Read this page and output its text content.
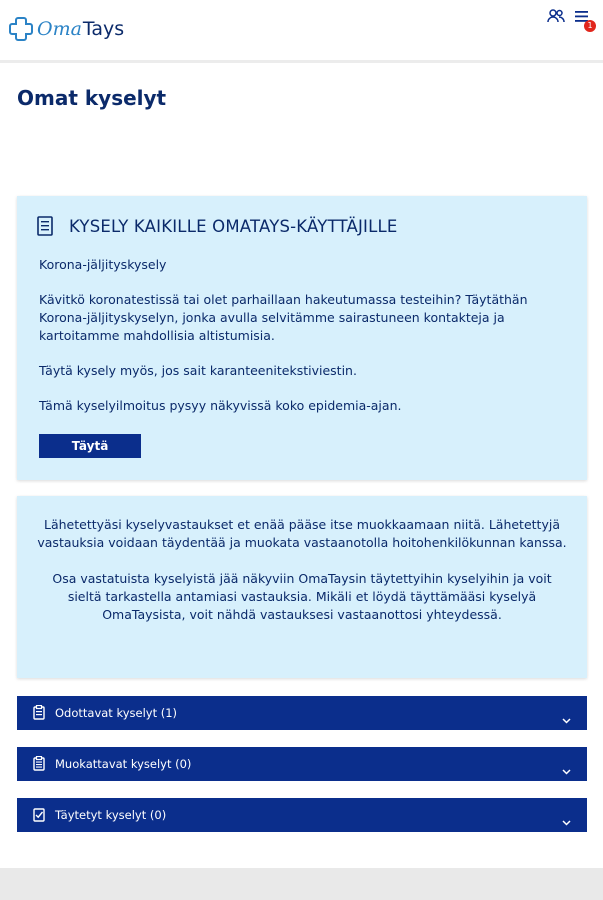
Oma Tays	1
Omat kyselyt
KYSELY KAIKILLE OMATAYS-KÄYTTÄJILLE

Korona-jäljityskysely

Kävitkö koronatestissä tai olet parhaillaan hakeutumassa testeihin? Täytäthän Korona-jäljityskyselyn, jonka avulla selvitämme sairastuneen kontakteja ja kartoitamme mahdollisia altistumisia.

Täytä kysely myös, jos sait karanteenitekstiviestin.

Tämä kyselyilmoitus pysyy näkyvissä koko epidemia-ajan.

Täytä

Lähetettyäsi kyselyvastaukset et enää pääse itse muokkaamaan niitä. Lähetettyjä vastauksia voidaan täydentää ja muokata vastaanotolla hoitohenkilökunnan kanssa.

Osa vastatuista kyselyistä jää näkyviin OmaTaysin täytettyihin kyselyihin ja voit sieltä tarkastella antamiasi vastauksia. Mikäli et löydä täyttämääsi kyselyä OmaTaysista, voit nähdä vastauksesi vastaanottosi yhteydessä.

Odottavat kyselyt (1)
Muokattavat kyselyt (0)
Täytetyt kyselyt (0)
